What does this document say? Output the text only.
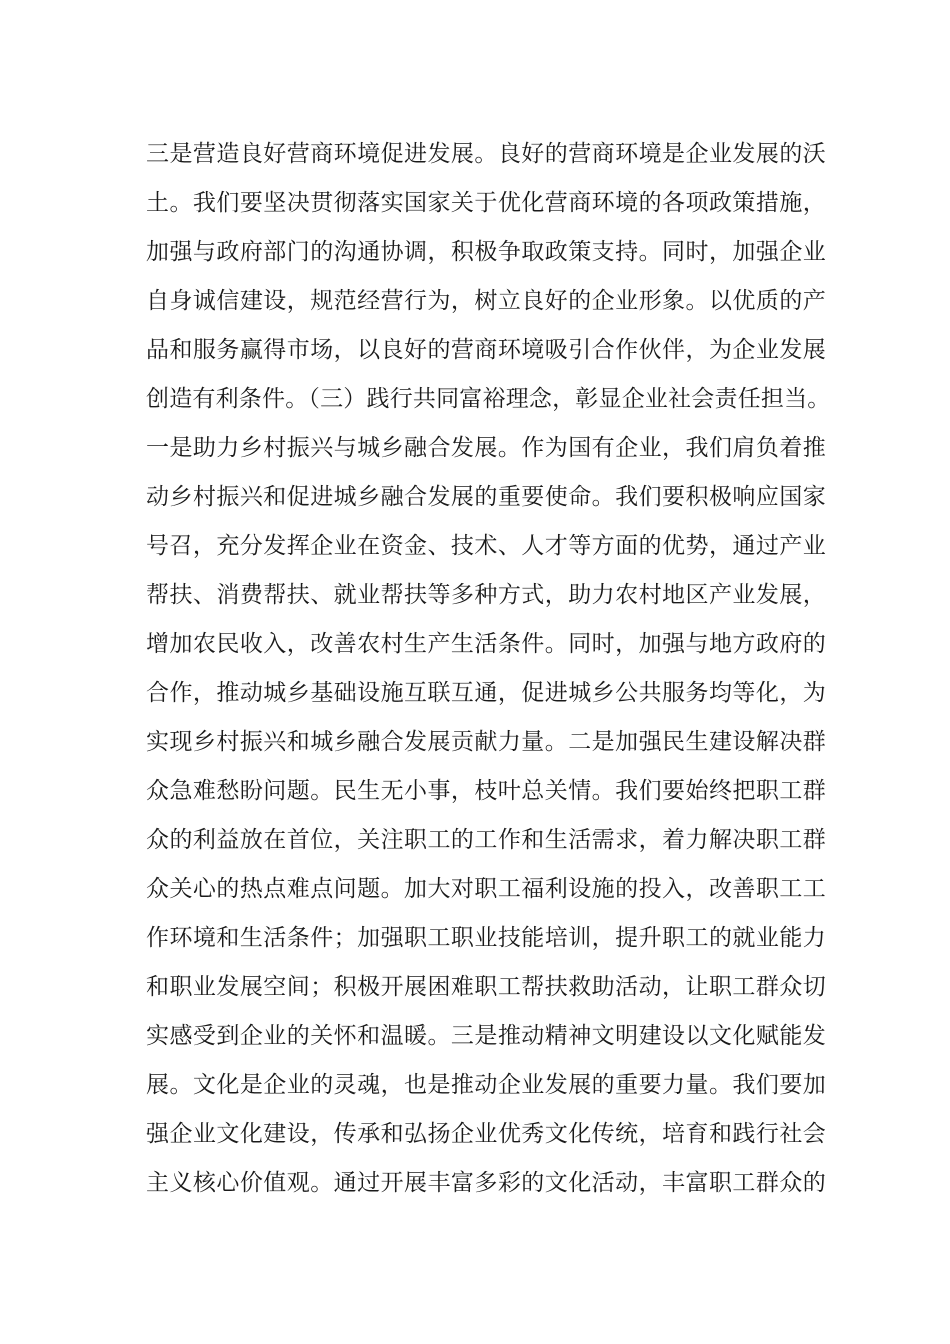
三是营造良好营商环境促进发展。良好的营商环境是企业发展的沃
土。我们要坚决贯彻落实国家关于优化营商环境的各项政策措施，
加强与政府部门的沟通协调，积极争取政策支持。同时，加强企业
自身诚信建设，规范经营行为，树立良好的企业形象。以优质的产
品和服务赢得市场，以良好的营商环境吸引合作伙伴，为企业发展
创造有利条件。（三）践行共同富裕理念，彰显企业社会责任担当。
一是助力乡村振兴与城乡融合发展。作为国有企业，我们肩负着推
动乡村振兴和促进城乡融合发展的重要使命。我们要积极响应国家
号召，充分发挥企业在资金、技术、人才等方面的优势，通过产业
帮扶、消费帮扶、就业帮扶等多种方式，助力农村地区产业发展，
增加农民收入，改善农村生产生活条件。同时，加强与地方政府的
合作，推动城乡基础设施互联互通，促进城乡公共服务均等化，为
实现乡村振兴和城乡融合发展贡献力量。二是加强民生建设解决群
众急难愁盼问题。民生无小事，枝叶总关情。我们要始终把职工群
众的利益放在首位，关注职工的工作和生活需求，着力解决职工群
众关心的热点难点问题。加大对职工福利设施的投入，改善职工工
作环境和生活条件；加强职工职业技能培训，提升职工的就业能力
和职业发展空间；积极开展困难职工帮扶救助活动，让职工群众切
实感受到企业的关怀和温暖。三是推动精神文明建设以文化赋能发
展。文化是企业的灵魂，也是推动企业发展的重要力量。我们要加
强企业文化建设，传承和弘扬企业优秀文化传统，培育和践行社会
主义核心价值观。通过开展丰富多彩的文化活动，丰富职工群众的
